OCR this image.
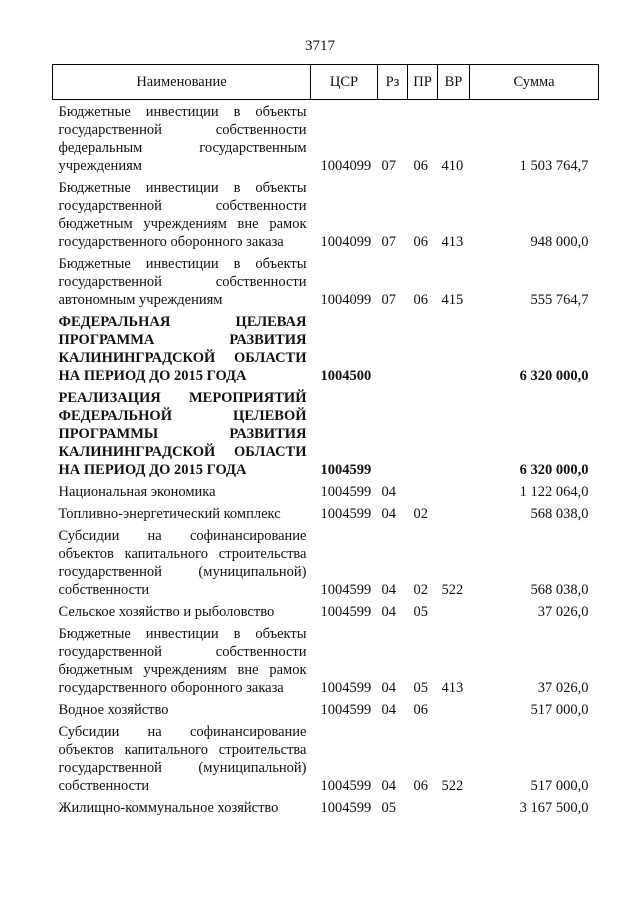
3717
Наименование	ЦСР	Рз	ПР	ВР	Сумма
Бюджетные инвестиции в объекты государственной собственности федеральным государственным учреждениям	1004099	07	06	410	1 503 764,7
Бюджетные инвестиции в объекты государственной собственности бюджетным учреждениям вне рамок государственного оборонного заказа	1004099	07	06	413	948 000,0
Бюджетные инвестиции в объекты государственной собственности автономным учреждениям	1004099	07	06	415	555 764,7
ФЕДЕРАЛЬНАЯ ЦЕЛЕВАЯ ПРОГРАММА РАЗВИТИЯ КАЛИНИНГРАДСКОЙ ОБЛАСТИ НА ПЕРИОД ДО 2015 ГОДА	1004500				6 320 000,0
РЕАЛИЗАЦИЯ МЕРОПРИЯТИЙ ФЕДЕРАЛЬНОЙ ЦЕЛЕВОЙ ПРОГРАММЫ РАЗВИТИЯ КАЛИНИНГРАДСКОЙ ОБЛАСТИ НА ПЕРИОД ДО 2015 ГОДА	1004599				6 320 000,0
Национальная экономика	1004599	04			1 122 064,0
Топливно-энергетический комплекс	1004599	04	02		568 038,0
Субсидии на софинансирование объектов капитального строительства государственной (муниципальной) собственности	1004599	04	02	522	568 038,0
Сельское хозяйство и рыболовство	1004599	04	05		37 026,0
Бюджетные инвестиции в объекты государственной собственности бюджетным учреждениям вне рамок государственного оборонного заказа	1004599	04	05	413	37 026,0
Водное хозяйство	1004599	04	06		517 000,0
Субсидии на софинансирование объектов капитального строительства государственной (муниципальной) собственности	1004599	04	06	522	517 000,0
Жилищно-коммунальное хозяйство	1004599	05			3 167 500,0
